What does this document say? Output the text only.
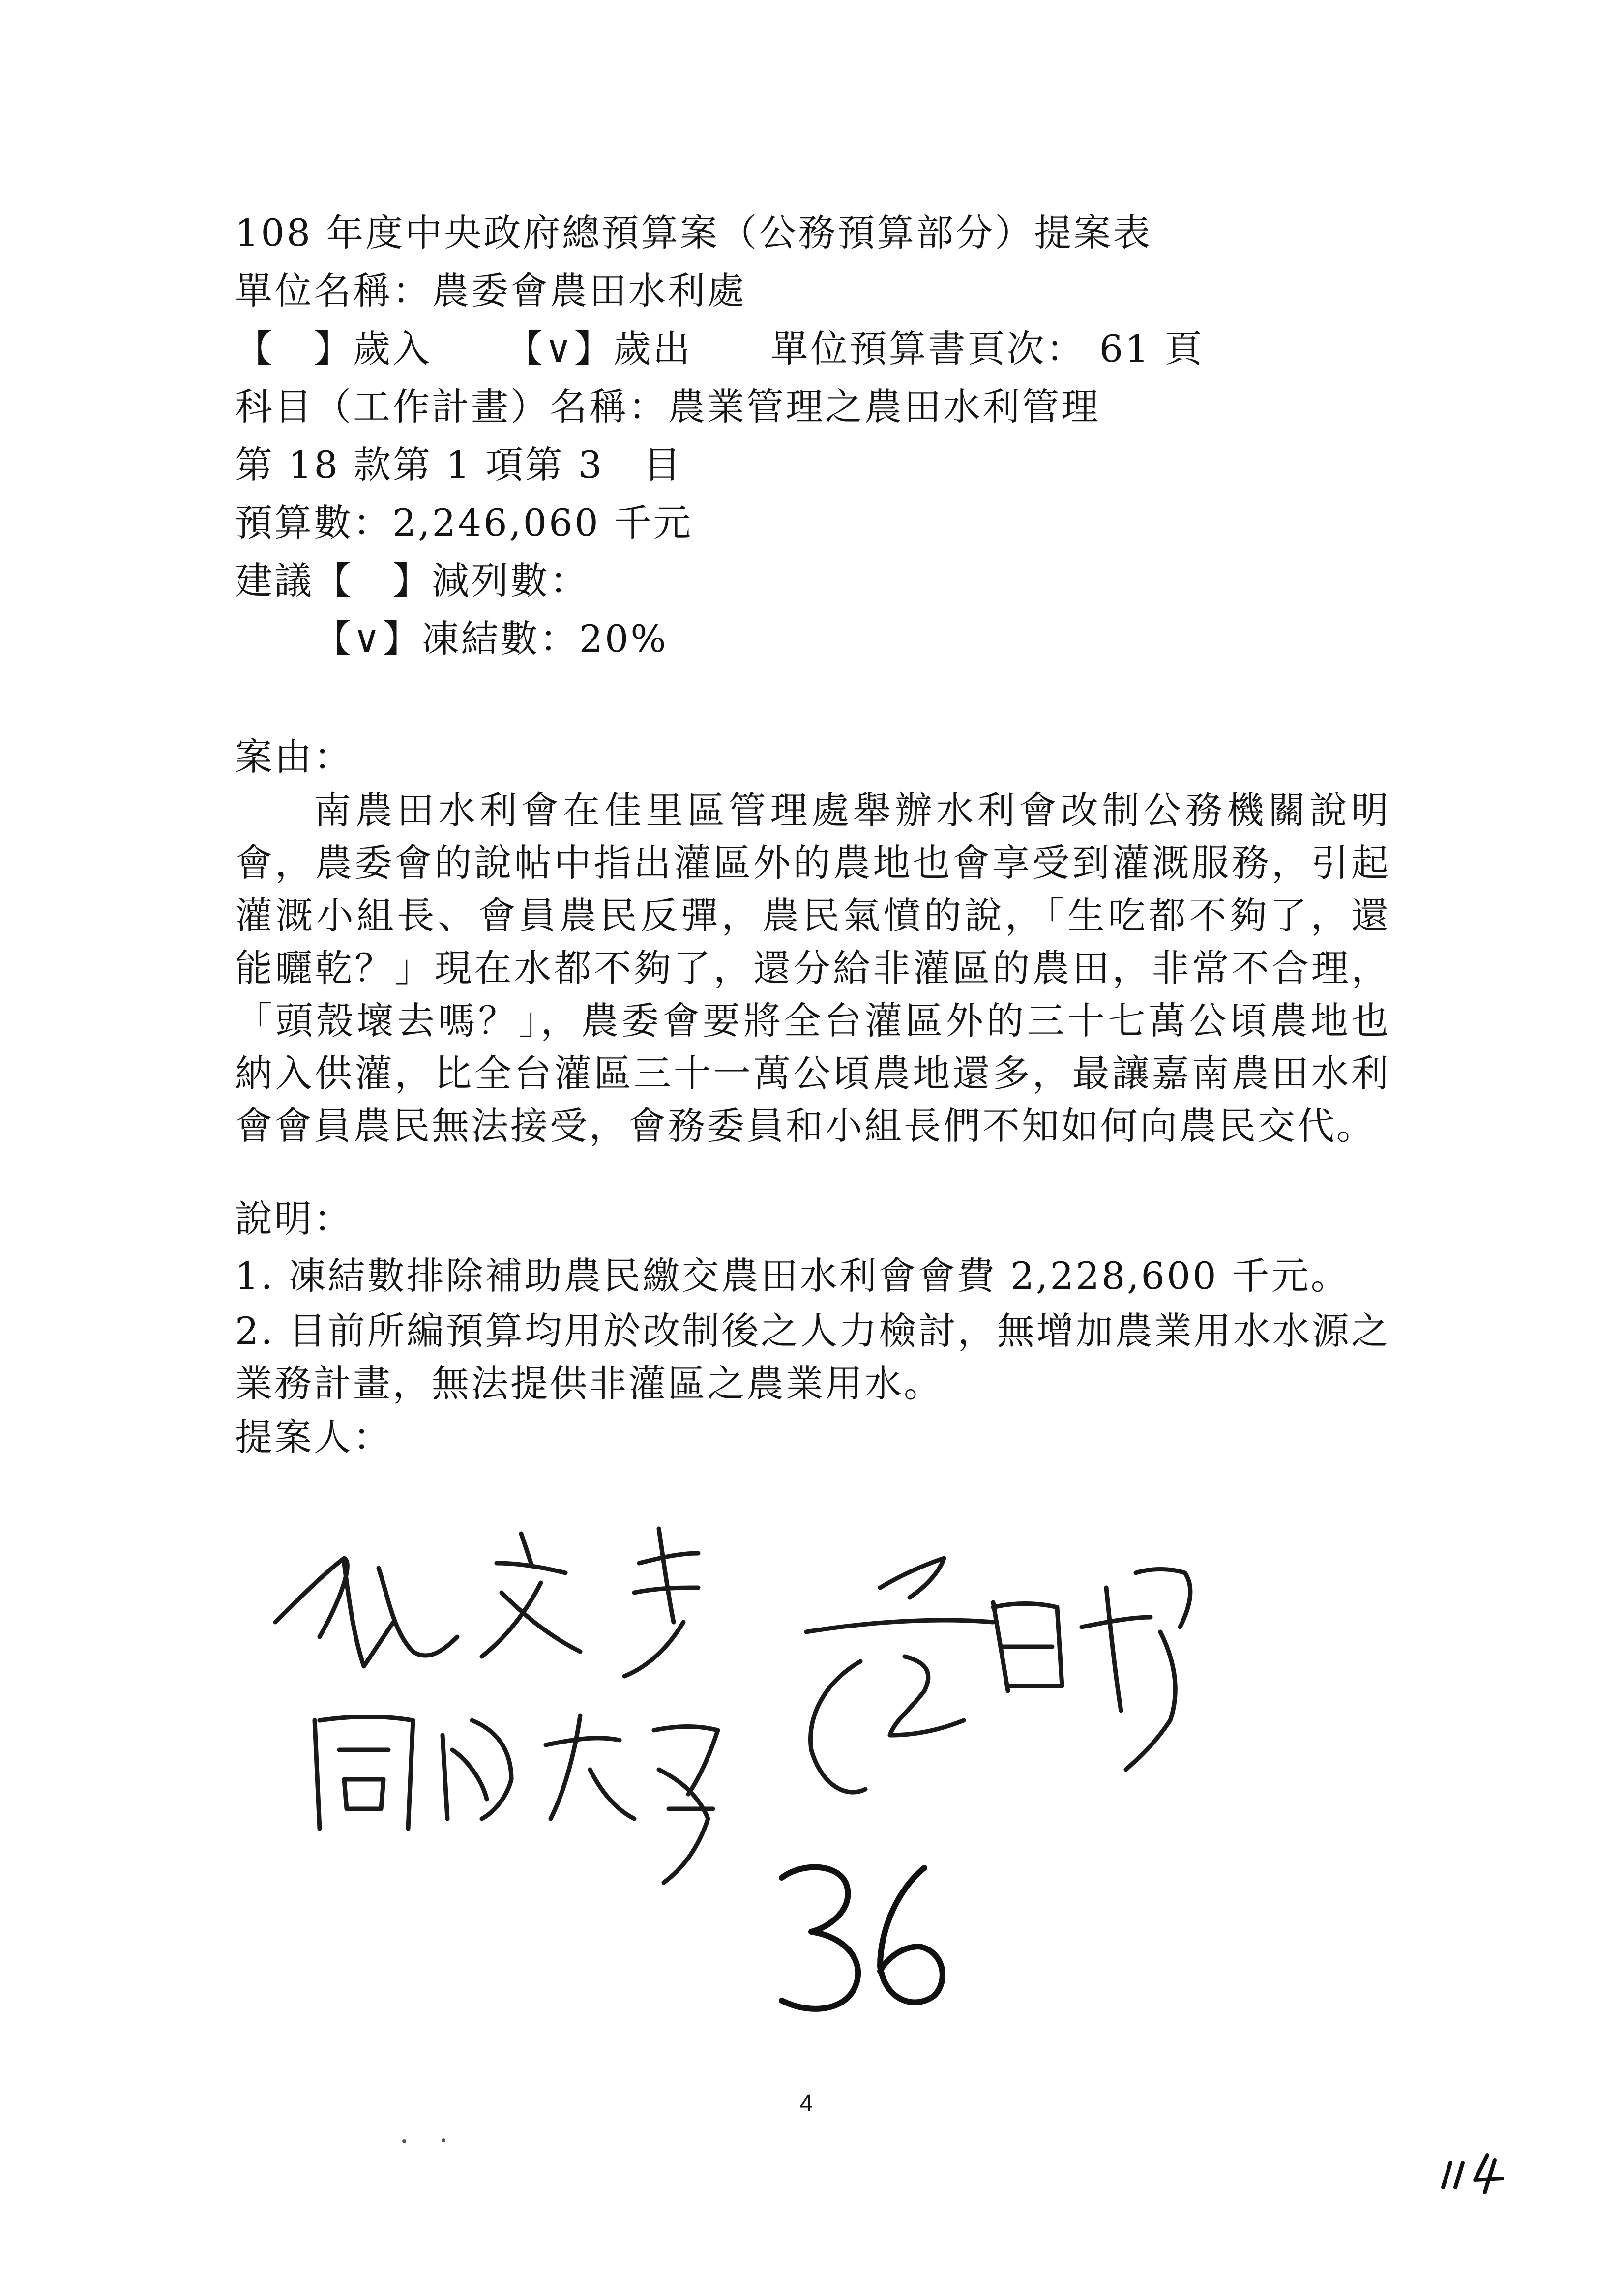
108 年度中央政府總預算案（公務預算部分）提案表
單位名稱：農委會農田水利處
【　】歲入 【∨】歲出 單位預算書頁次： 61 頁
科目（工作計畫）名稱：農業管理之農田水利管理
第 18 款第 1 項第 3　目
預算數：2,246,060 千元
建議【　】減列數：
【∨】凍結數：20%
案由：
南農田水利會在佳里區管理處舉辦水利會改制公務機關說明會，農委會的說帖中指出灌區外的農地也會享受到灌溉服務，引起灌溉小組長、會員農民反彈，農民氣憤的說，「生吃都不夠了，還能曬乾？」現在水都不夠了，還分給非灌區的農田，非常不合理，「頭殼壞去嗎？」，農委會要將全台灌區外的三十七萬公頃農地也納入供灌，比全台灌區三十一萬公頃農地還多，最讓嘉南農田水利會會員農民無法接受，會務委員和小組長們不知如何向農民交代。
說明：
1. 凍結數排除補助農民繳交農田水利會會費 2,228,600 千元。
2. 目前所編預算均用於改制後之人力檢討，無增加農業用水水源之業務計畫，無法提供非灌區之農業用水。
提案人：
4
